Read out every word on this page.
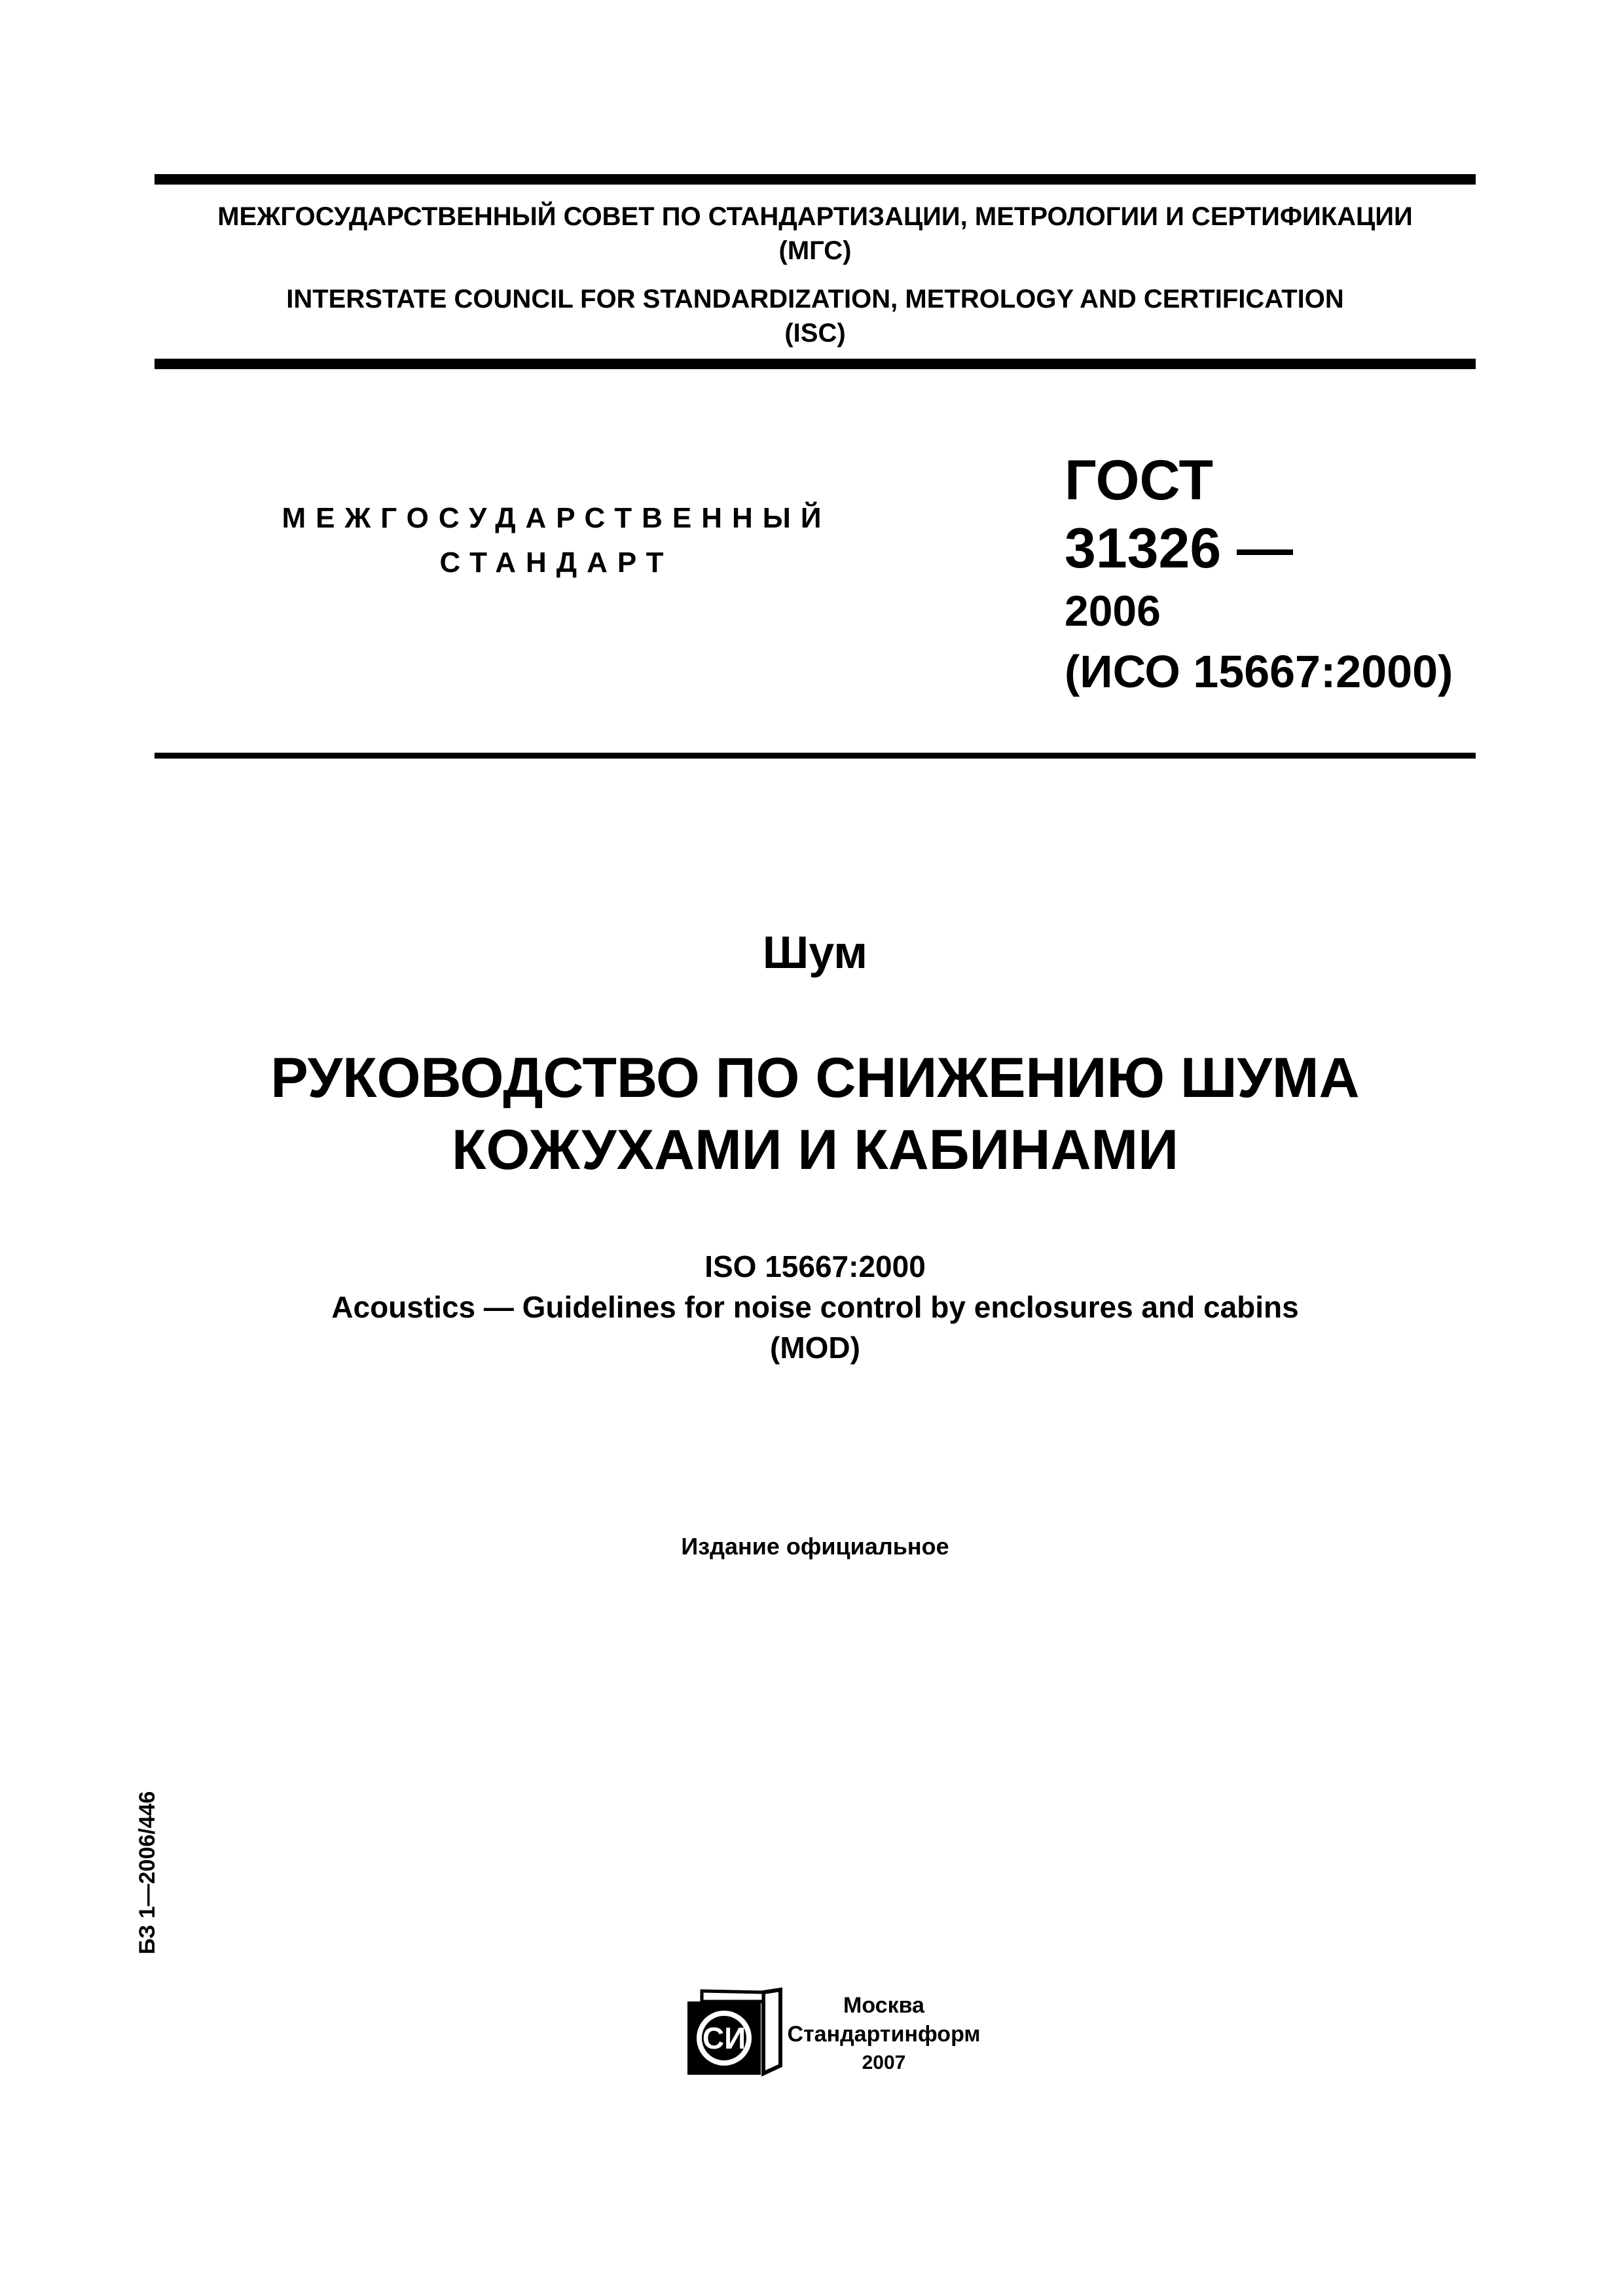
МЕЖГОСУДАРСТВЕННЫЙ СОВЕТ ПО СТАНДАРТИЗАЦИИ, МЕТРОЛОГИИ И СЕРТИФИКАЦИИ

(МГС)

INTERSTATE COUNCIL FOR STANDARDIZATION, METROLOGY AND CERTIFICATION

(ISC)

МЕЖГОСУДАРСТВЕННЫЙ
СТАНДАРТ

ГОСТ

31326 —

2006

(ИСО 15667:2000)

Шум
РУКОВОДСТВО ПО СНИЖЕНИЮ ШУМА
КОЖУХАМИ И КАБИНАМИ
ISO 15667:2000
Acoustics — Guidelines for noise control by enclosures and cabins
(MOD)
Издание официальное
БЗ 1—2006/446
СИ
Москва
Стандартинформ
2007
